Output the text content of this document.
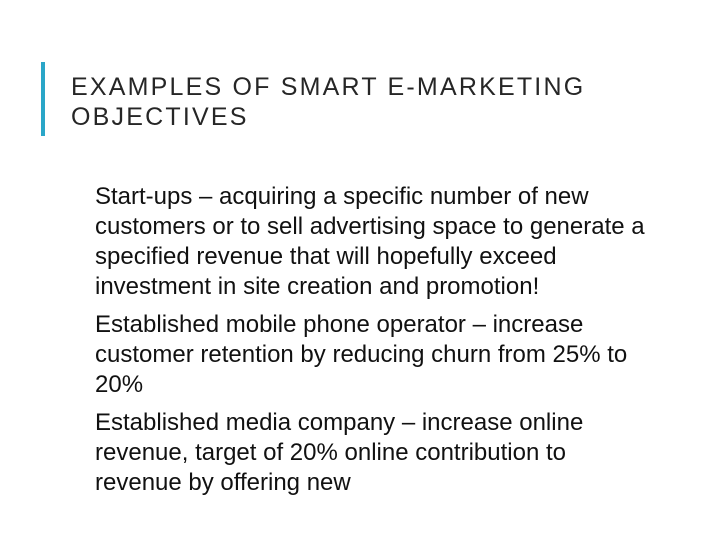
EXAMPLES OF SMART E-MARKETING OBJECTIVES
Start-ups – acquiring a specific number of new customers or to sell advertising space to generate a specified revenue that will hopefully exceed investment in site creation and promotion!
Established mobile phone operator – increase customer retention by reducing churn from 25% to 20%
Established media company – increase online revenue, target of 20% online contribution to revenue by offering new
